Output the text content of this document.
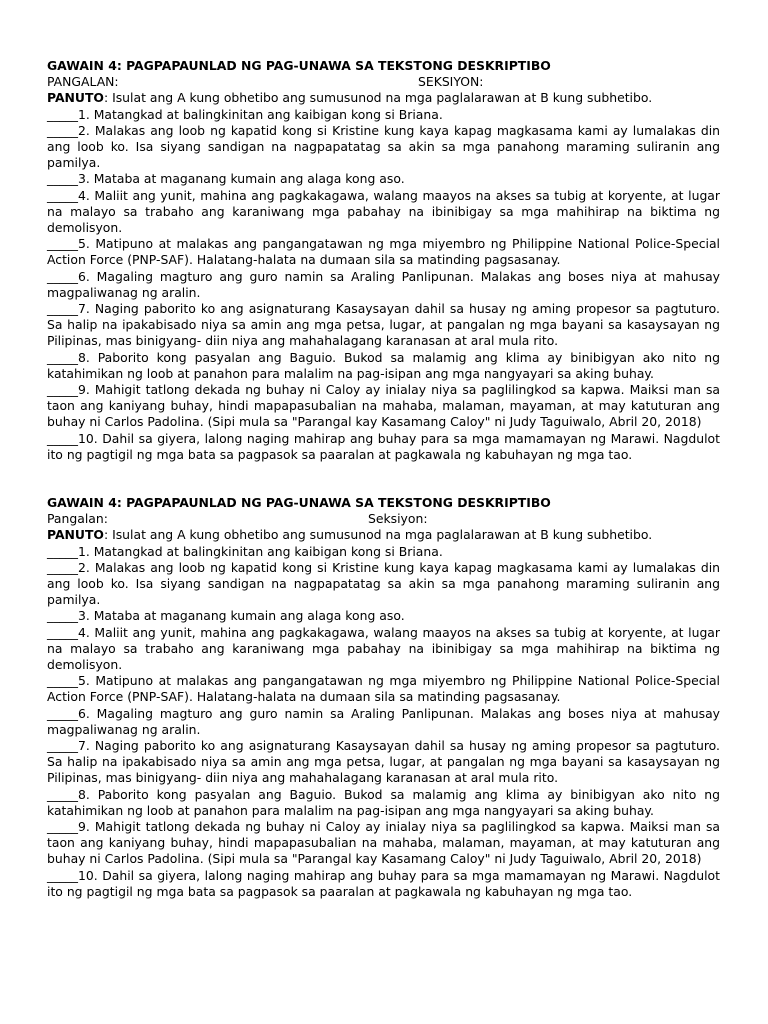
GAWAIN 4: PAGPAPAUNLAD NG PAG-UNAWA SA TEKSTONG DESKRIPTIBO
PANGALAN:	SEKSIYON:
PANUTO: Isulat ang A kung obhetibo ang sumusunod na mga paglalarawan at B kung subhetibo.
_____1. Matangkad at balingkinitan ang kaibigan kong si Briana.
_____2. Malakas ang loob ng kapatid kong si Kristine kung kaya kapag magkasama kami ay lumalakas din ang loob ko. Isa siyang sandigan na nagpapatatag sa akin sa mga panahong maraming suliranin ang pamilya.
_____3. Mataba at maganang kumain ang alaga kong aso.
_____4. Maliit ang yunit, mahina ang pagkakagawa, walang maayos na akses sa tubig at koryente, at lugar na malayo sa trabaho ang karaniwang mga pabahay na ibinibigay sa mga mahihirap na biktima ng demolisyon.
_____5. Matipuno at malakas ang pangangatawan ng mga miyembro ng Philippine National Police-Special Action Force (PNP-SAF). Halatang-halata na dumaan sila sa matinding pagsasanay.
_____6. Magaling magturo ang guro namin sa Araling Panlipunan. Malakas ang boses niya at mahusay magpaliwanag ng aralin.
_____7. Naging paborito ko ang asignaturang Kasaysayan dahil sa husay ng aming propesor sa pagtuturo. Sa halip na ipakabisado niya sa amin ang mga petsa, lugar, at pangalan ng mga bayani sa kasaysayan ng Pilipinas, mas binigyang- diin niya ang mahahalagang karanasan at aral mula rito.
_____8. Paborito kong pasyalan ang Baguio. Bukod sa malamig ang klima ay binibigyan ako nito ng katahimikan ng loob at panahon para malalim na pag-isipan ang mga nangyayari sa aking buhay.
_____9. Mahigit tatlong dekada ng buhay ni Caloy ay inialay niya sa paglilingkod sa kapwa. Maiksi man sa taon ang kaniyang buhay, hindi mapapasubalian na mahaba, malaman, mayaman, at may katuturan ang buhay ni Carlos Padolina. (Sipi mula sa "Parangal kay Kasamang Caloy" ni Judy Taguiwalo, Abril 20, 2018)
_____10. Dahil sa giyera, lalong naging mahirap ang buhay para sa mga mamamayan ng Marawi. Nagdulot ito ng pagtigil ng mga bata sa pagpasok sa paaralan at pagkawala ng kabuhayan ng mga tao.
GAWAIN 4: PAGPAPAUNLAD NG PAG-UNAWA SA TEKSTONG DESKRIPTIBO
Pangalan:	Seksiyon:
PANUTO: Isulat ang A kung obhetibo ang sumusunod na mga paglalarawan at B kung subhetibo.
_____1. Matangkad at balingkinitan ang kaibigan kong si Briana.
_____2. Malakas ang loob ng kapatid kong si Kristine kung kaya kapag magkasama kami ay lumalakas din ang loob ko. Isa siyang sandigan na nagpapatatag sa akin sa mga panahong maraming suliranin ang pamilya.
_____3. Mataba at maganang kumain ang alaga kong aso.
_____4. Maliit ang yunit, mahina ang pagkakagawa, walang maayos na akses sa tubig at koryente, at lugar na malayo sa trabaho ang karaniwang mga pabahay na ibinibigay sa mga mahihirap na biktima ng demolisyon.
_____5. Matipuno at malakas ang pangangatawan ng mga miyembro ng Philippine National Police-Special Action Force (PNP-SAF). Halatang-halata na dumaan sila sa matinding pagsasanay.
_____6. Magaling magturo ang guro namin sa Araling Panlipunan. Malakas ang boses niya at mahusay magpaliwanag ng aralin.
_____7. Naging paborito ko ang asignaturang Kasaysayan dahil sa husay ng aming propesor sa pagtuturo. Sa halip na ipakabisado niya sa amin ang mga petsa, lugar, at pangalan ng mga bayani sa kasaysayan ng Pilipinas, mas binigyang- diin niya ang mahahalagang karanasan at aral mula rito.
_____8. Paborito kong pasyalan ang Baguio. Bukod sa malamig ang klima ay binibigyan ako nito ng katahimikan ng loob at panahon para malalim na pag-isipan ang mga nangyayari sa aking buhay.
_____9. Mahigit tatlong dekada ng buhay ni Caloy ay inialay niya sa paglilingkod sa kapwa. Maiksi man sa taon ang kaniyang buhay, hindi mapapasubalian na mahaba, malaman, mayaman, at may katuturan ang buhay ni Carlos Padolina. (Sipi mula sa "Parangal kay Kasamang Caloy" ni Judy Taguiwalo, Abril 20, 2018)
_____10. Dahil sa giyera, lalong naging mahirap ang buhay para sa mga mamamayan ng Marawi. Nagdulot ito ng pagtigil ng mga bata sa pagpasok sa paaralan at pagkawala ng kabuhayan ng mga tao.
